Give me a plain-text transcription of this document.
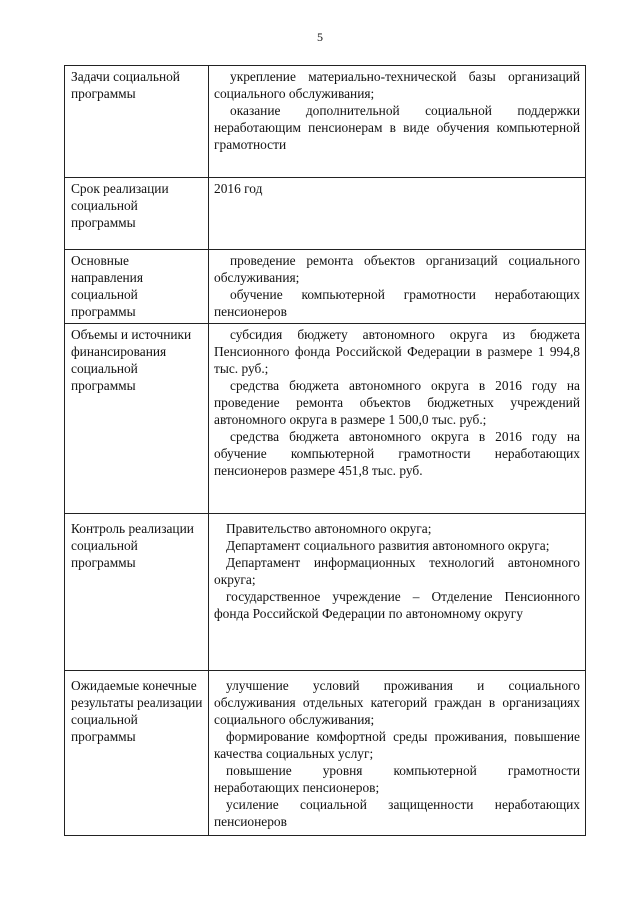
5
Задачи социальной программы	укрепление материально-технической базы организаций социального обслуживания;

оказание дополнительной социальной поддержки неработающим пенсионерам в виде обучения компьютерной грамотности

Срок реализации социальной программы	2016 год

Основные направления социальной программы	проведение ремонта объектов организаций социального обслуживания;

обучение компьютерной грамотности неработающих пенсионеров

Объемы и источники финансирования социальной программы	субсидия бюджету автономного округа из бюджета Пенсионного фонда Российской Федерации в размере 1 994,8 тыс. руб.;

средства бюджета автономного округа в 2016 году на проведение ремонта объектов бюджетных учреждений автономного округа в размере 1 500,0 тыс. руб.;

средства бюджета автономного округа в 2016 году на обучение компьютерной грамотности неработающих пенсионеров размере 451,8 тыс. руб.

Контроль реализации социальной программы	Правительство автономного округа;

Департамент социального развития автономного округа;

Департамент информационных технологий автономного округа;

государственное учреждение – Отделение Пенсионного фонда Российской Федерации по автономному округу

Ожидаемые конечные результаты реализации социальной программы	улучшение условий проживания и социального обслуживания отдельных категорий граждан в организациях социального обслуживания;

формирование комфортной среды проживания, повышение качества социальных услуг;

повышение уровня компьютерной грамотности неработающих пенсионеров;

усиление социальной защищенности неработающих пенсионеров
